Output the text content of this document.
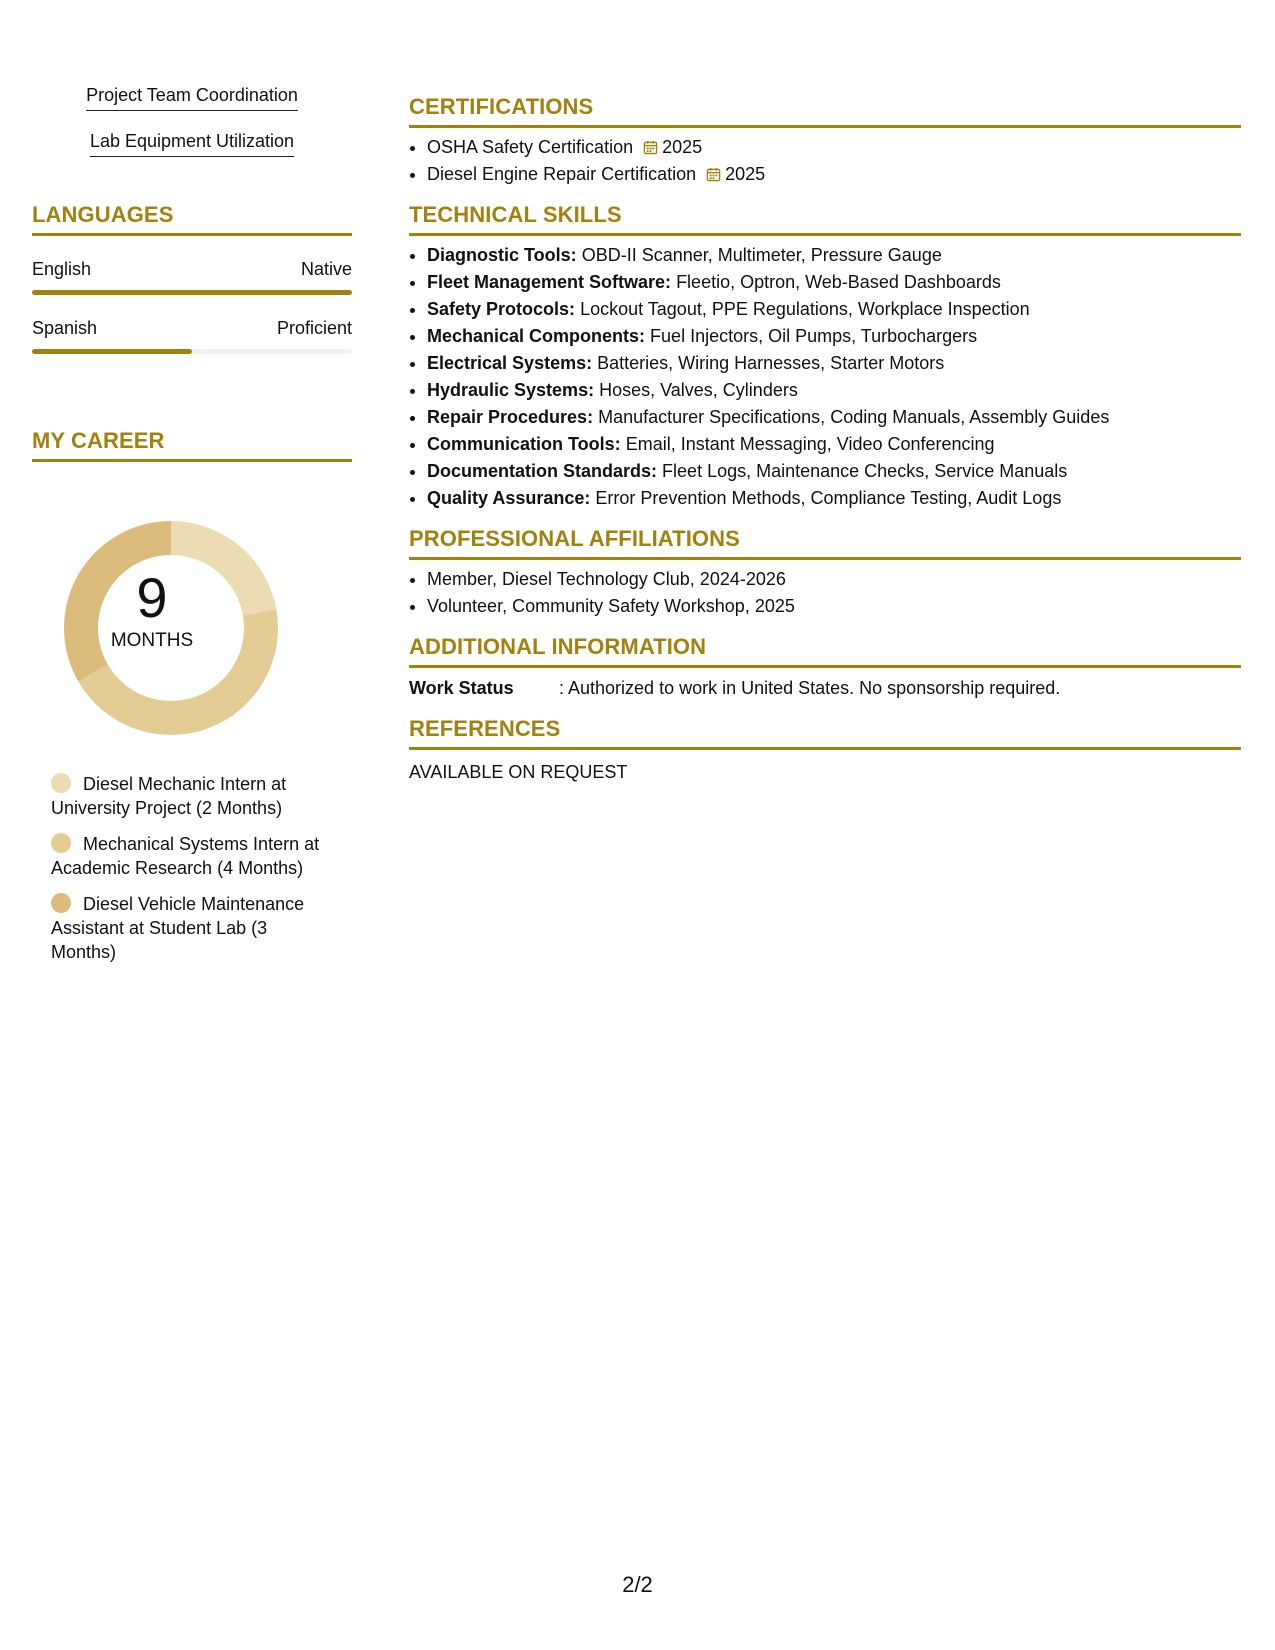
Project Team Coordination
Lab Equipment Utilization
LANGUAGES
English	Native
Spanish	Proficient
MY CAREER
9
MONTHS
Diesel Mechanic Intern at University Project (2 Months)
Mechanical Systems Intern at Academic Research (4 Months)
Diesel Vehicle Maintenance Assistant at Student Lab (3 Months)
CERTIFICATIONS
• OSHA Safety Certification 2025
• Diesel Engine Repair Certification 2025
TECHNICAL SKILLS
• Diagnostic Tools: OBD-II Scanner, Multimeter, Pressure Gauge
• Fleet Management Software: Fleetio, Optron, Web-Based Dashboards
• Safety Protocols: Lockout Tagout, PPE Regulations, Workplace Inspection
• Mechanical Components: Fuel Injectors, Oil Pumps, Turbochargers
• Electrical Systems: Batteries, Wiring Harnesses, Starter Motors
• Hydraulic Systems: Hoses, Valves, Cylinders
• Repair Procedures: Manufacturer Specifications, Coding Manuals, Assembly Guides
• Communication Tools: Email, Instant Messaging, Video Conferencing
• Documentation Standards: Fleet Logs, Maintenance Checks, Service Manuals
• Quality Assurance: Error Prevention Methods, Compliance Testing, Audit Logs
PROFESSIONAL AFFILIATIONS
• Member, Diesel Technology Club, 2024-2026
• Volunteer, Community Safety Workshop, 2025
ADDITIONAL INFORMATION
Work Status	: Authorized to work in United States. No sponsorship required.
REFERENCES
AVAILABLE ON REQUEST
2/2
